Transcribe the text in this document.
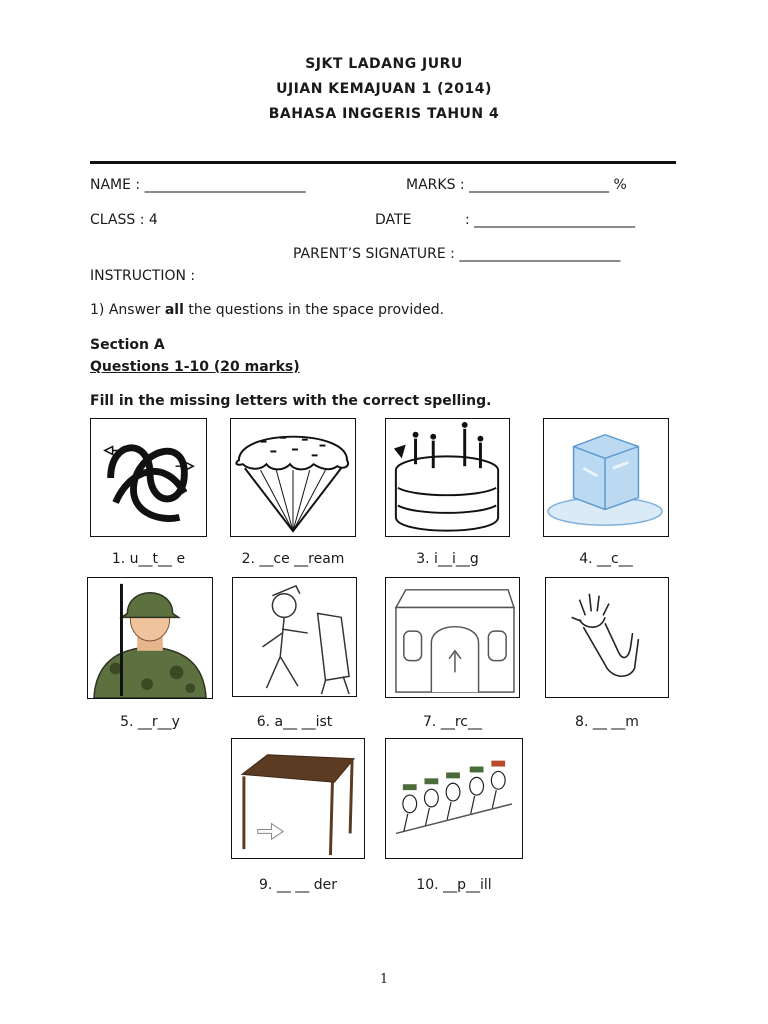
SJKT LADANG JURU
UJIAN KEMAJUAN 1 (2014)
BAHASA INGGERIS TAHUN 4
NAME : _______________________	MARKS : ____________________ %
CLASS : 4	DATE	: _______________________
PARENT’S SIGNATURE : _______________________
INSTRUCTION :
1) Answer all the questions in the space provided.
Section A
Questions 1-10 (20 marks)
Fill in the missing letters with the correct spelling.
1. u__t__ e	2. __ce __ream	3. i__i__g	4. __c__
5. __r__y	6. a__ __ist	7. __rc__	8. __ __m
9. __ __ der	10. __p__ill
1
